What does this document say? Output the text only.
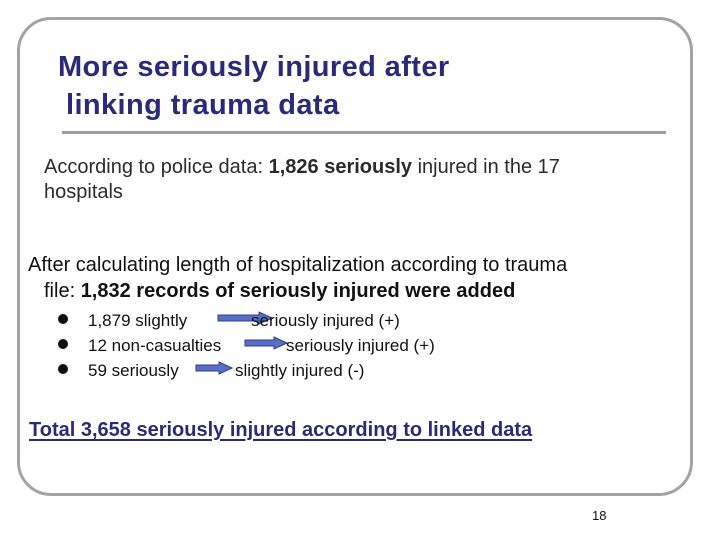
More seriously injured after
linking trauma data

According to police data: 1,826 seriously injured in the 17
hospitals

After calculating length of hospitalization according to trauma
file: 1,832 records of seriously injured were added

1,879 slightly	seriously injured (+)
12 non-casualties	seriously injured (+)
59 seriously	slightly injured (-)

Total 3,658 seriously injured according to linked data

18
